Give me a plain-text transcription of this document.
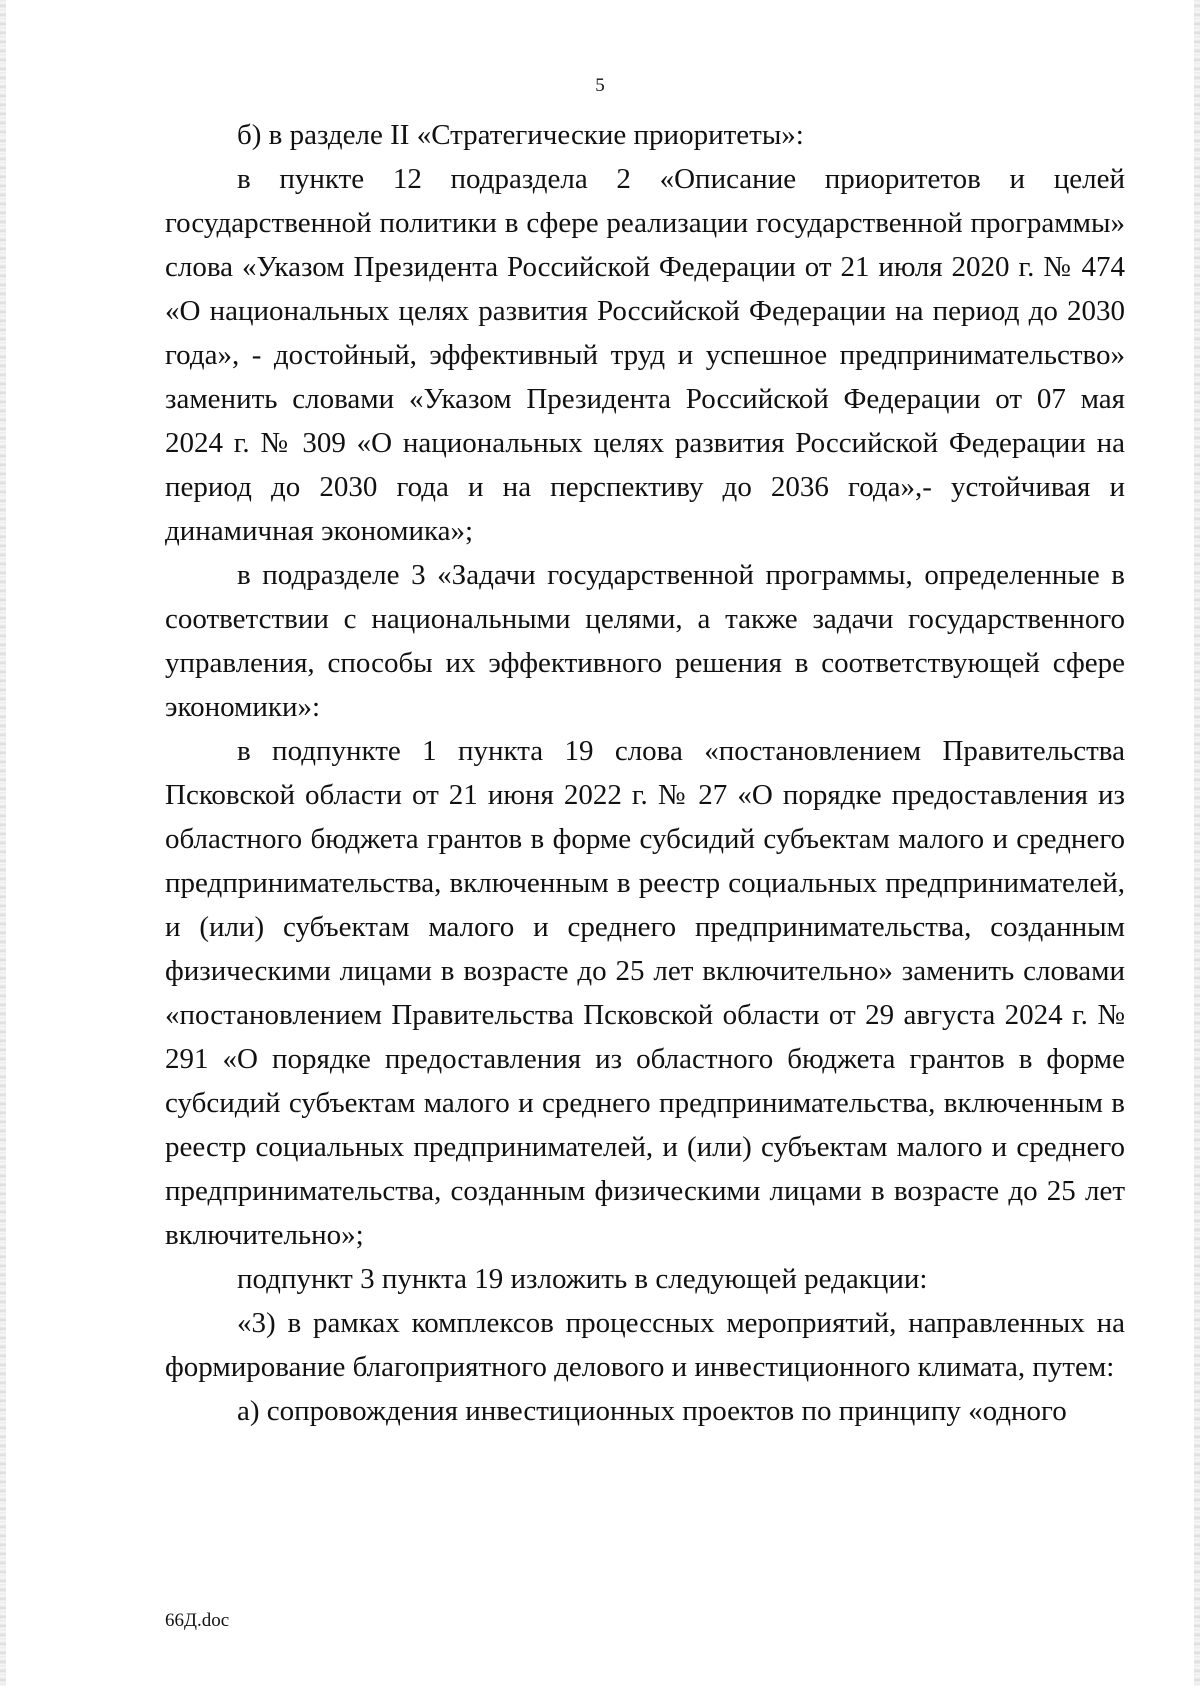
5

б) в разделе II «Стратегические приоритеты»:

в пункте 12 подраздела 2 «Описание приоритетов и целей государственной политики в сфере реализации государственной программы» слова «Указом Президента Российской Федерации от 21 июля 2020 г. № 474 «О национальных целях развития Российской Федерации на период до 2030 года», - достойный, эффективный труд и успешное предпринимательство» заменить словами «Указом Президента Российской Федерации от 07 мая 2024 г. № 309 «О национальных целях развития Российской Федерации на период до 2030 года и на перспективу до 2036 года»,- устойчивая и динамичная экономика»;

в подразделе 3 «Задачи государственной программы, определенные в соответствии с национальными целями, а также задачи государственного управления, способы их эффективного решения в соответствующей сфере экономики»:

в подпункте 1 пункта 19 слова «постановлением Правительства Псковской области от 21 июня 2022 г. № 27 «О порядке предоставления из областного бюджета грантов в форме субсидий субъектам малого и среднего предпринимательства, включенным в реестр социальных предпринимателей, и (или) субъектам малого и среднего предпринимательства, созданным физическими лицами в возрасте до 25 лет включительно» заменить словами «постановлением Правительства Псковской области от 29 августа 2024 г. № 291 «О порядке предоставления из областного бюджета грантов в форме субсидий субъектам малого и среднего предпринимательства, включенным в реестр социальных предпринимателей, и (или) субъектам малого и среднего предпринимательства, созданным физическими лицами в возрасте до 25 лет включительно»;

подпункт 3 пункта 19 изложить в следующей редакции:

«3) в рамках комплексов процессных мероприятий, направленных на формирование благоприятного делового и инвестиционного климата, путем:

а) сопровождения инвестиционных проектов по принципу «одного

66Д.doc
